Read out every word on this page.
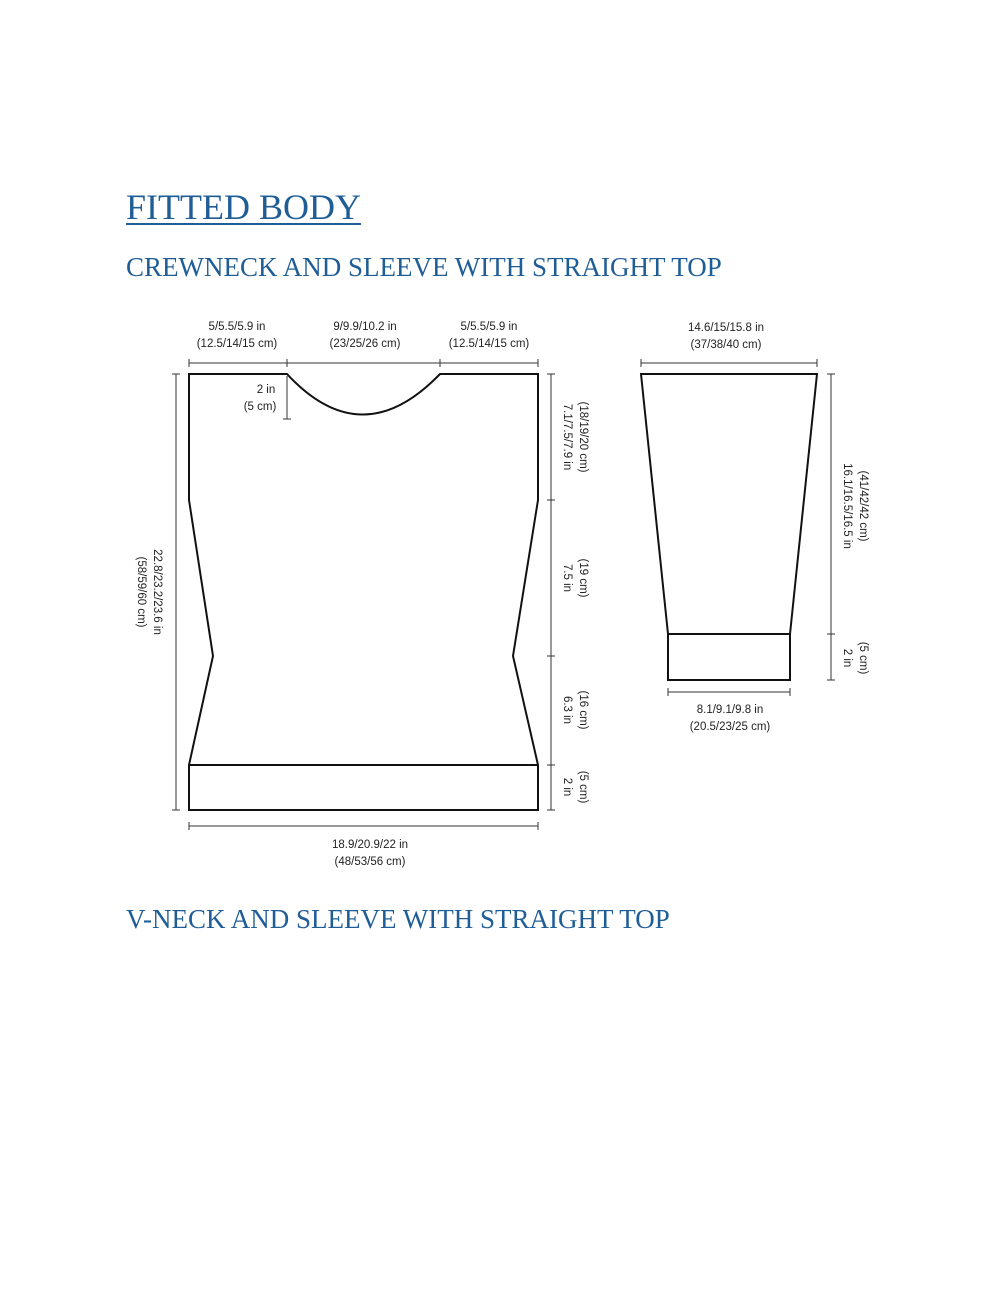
FITTED BODY
CREWNECK AND SLEEVE WITH STRAIGHT TOP
V-NECK AND SLEEVE WITH STRAIGHT TOP
5/5.5/5.9 in
(12.5/14/15 cm)
9/9.9/10.2 in
(23/25/26 cm)
5/5.5/5.9 in
(12.5/14/15 cm)
2 in
(5 cm)
22.8/23.2/23.6 in
(58/59/60 cm)
7.1/7.5/7.9 in (18/19/20 cm)
7.5 in (19 cm)
6.3 in (16 cm)
2 in (5 cm)
18.9/20.9/22 in
(48/53/56 cm)
14.6/15/15.8 in
(37/38/40 cm)
16.1/16.5/16.5 in (41/42/42 cm)
2 in (5 cm)
8.1/9.1/9.8 in
(20.5/23/25 cm)
